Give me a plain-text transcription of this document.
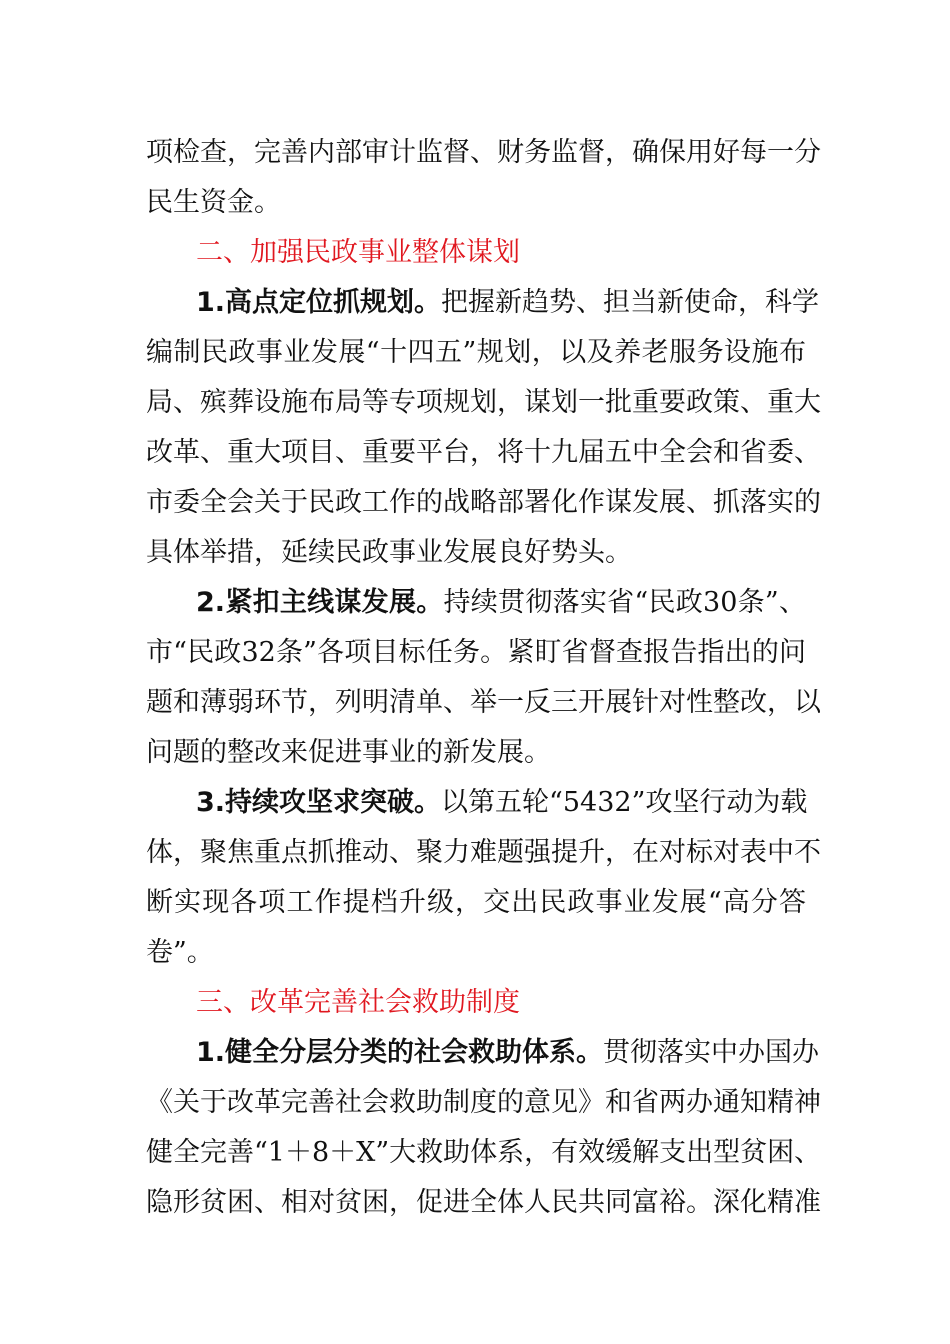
项检查，完善内部审计监督、财务监督，确保用好每一分
民生资金。
二、加强民政事业整体谋划
1.高点定位抓规划。把握新趋势、担当新使命，科学
编制民政事业发展“十四五”规划，以及养老服务设施布
局、殡葬设施布局等专项规划，谋划一批重要政策、重大
改革、重大项目、重要平台，将十九届五中全会和省委、
市委全会关于民政工作的战略部署化作谋发展、抓落实的
具体举措，延续民政事业发展良好势头。
2.紧扣主线谋发展。持续贯彻落实省“民政30条”、
市“民政32条”各项目标任务。紧盯省督查报告指出的问
题和薄弱环节，列明清单、举一反三开展针对性整改，以
问题的整改来促进事业的新发展。
3.持续攻坚求突破。以第五轮“5432”攻坚行动为载
体，聚焦重点抓推动、聚力难题强提升，在对标对表中不
断实现各项工作提档升级，交出民政事业发展“高分答
卷”。
三、改革完善社会救助制度
1.健全分层分类的社会救助体系。贯彻落实中办国办
《关于改革完善社会救助制度的意见》和省两办通知精神
健全完善“1＋8＋X”大救助体系，有效缓解支出型贫困、
隐形贫困、相对贫困，促进全体人民共同富裕。深化精准
